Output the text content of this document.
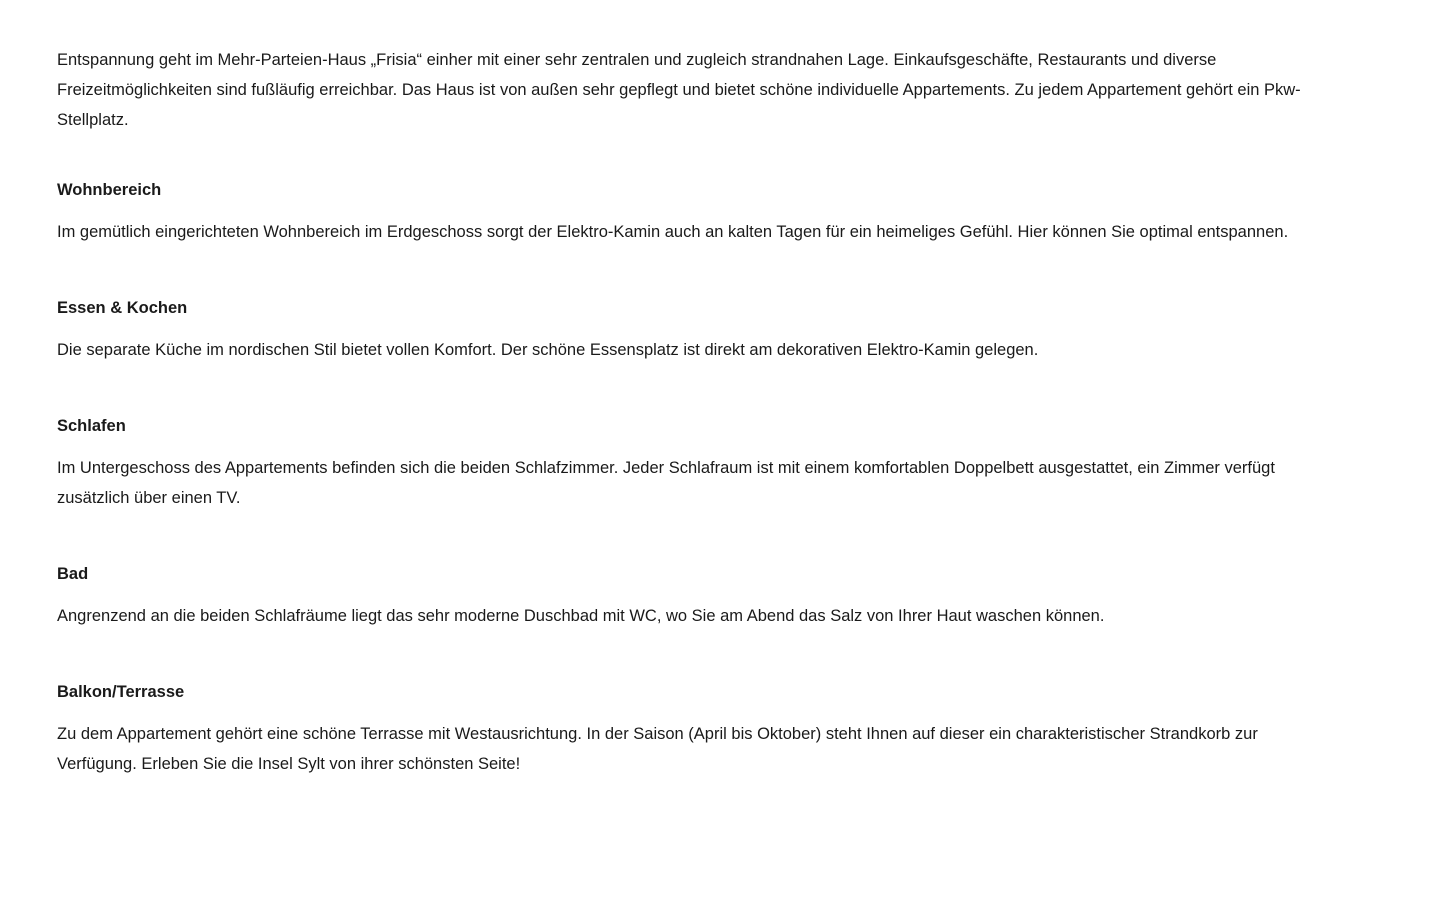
Entspannung geht im Mehr-Parteien-Haus „Frisia“ einher mit einer sehr zentralen und zugleich strandnahen Lage. Einkaufsgeschäfte, Restaurants und diverse Freizeitmöglichkeiten sind fußläufig erreichbar. Das Haus ist von außen sehr gepflegt und bietet schöne individuelle Appartements. Zu jedem Appartement gehört ein Pkw-Stellplatz.

Wohnbereich

Im gemütlich eingerichteten Wohnbereich im Erdgeschoss sorgt der Elektro-Kamin auch an kalten Tagen für ein heimeliges Gefühl. Hier können Sie optimal entspannen.

Essen & Kochen

Die separate Küche im nordischen Stil bietet vollen Komfort. Der schöne Essensplatz ist direkt am dekorativen Elektro-Kamin gelegen.

Schlafen

Im Untergeschoss des Appartements befinden sich die beiden Schlafzimmer. Jeder Schlafraum ist mit einem komfortablen Doppelbett ausgestattet, ein Zimmer verfügt zusätzlich über einen TV.

Bad

Angrenzend an die beiden Schlafräume liegt das sehr moderne Duschbad mit WC, wo Sie am Abend das Salz von Ihrer Haut waschen können.

Balkon/Terrasse

Zu dem Appartement gehört eine schöne Terrasse mit Westausrichtung. In der Saison (April bis Oktober) steht Ihnen auf dieser ein charakteristischer Strandkorb zur Verfügung. Erleben Sie die Insel Sylt von ihrer schönsten Seite!
